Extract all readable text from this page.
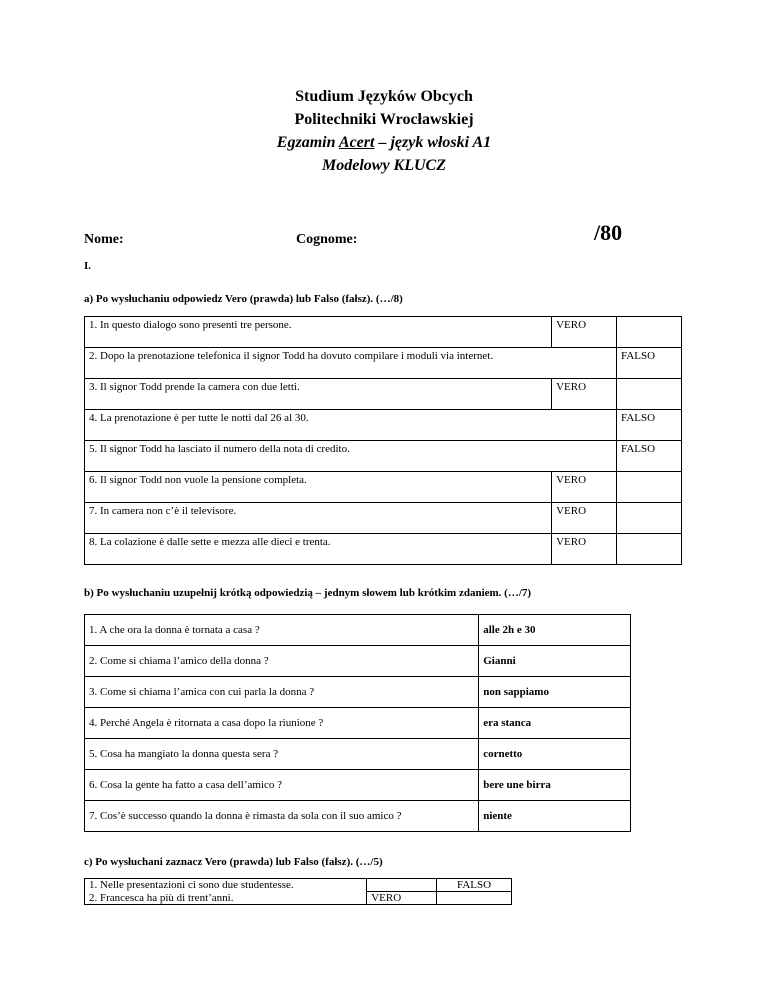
Studium Języków Obcych
Politechniki Wrocławskiej
Egzamin Acert – język włoski A1
Modelowy KLUCZ
Nome:	Cognome:	/80
I.
a) Po wysłuchaniu odpowiedz Vero (prawda) lub Falso (fałsz). (…/8)
1. In questo dialogo sono presenti tre persone.	VERO	
2. Dopo la prenotazione telefonica il signor Todd ha dovuto compilare i moduli via internet.		FALSO
3. Il signor Todd prende la camera con due letti.	VERO	
4. La prenotazione è per tutte le notti dal 26 al 30.		FALSO
5. Il signor Todd ha lasciato il numero della nota di credito.		FALSO
6. Il signor Todd non vuole la pensione completa.	VERO	
7. In camera non c’è il televisore.	VERO	
8. La colazione è dalle sette e mezza alle dieci e trenta.	VERO	
b) Po wysłuchaniu uzupełnij krótką odpowiedzią – jednym słowem lub krótkim zdaniem. (…/7)
1. A che ora la donna è tornata a casa ?	alle 2h e 30
2. Come si chiama l’amico della donna ?	Gianni
3. Come si chiama l’amica con cui parla la donna ?	non sappiamo
4. Perché Angela è ritornata a casa dopo la riunione ?	era stanca
5. Cosa ha mangiato la donna questa sera ?	cornetto
6. Cosa la gente ha fatto a casa dell’amico ?	bere une birra
7. Cos’è successo quando la donna è rimasta da sola con il suo amico ?	niente
c) Po wysłuchani zaznacz Vero (prawda) lub Falso (fałsz). (…/5)
1. Nelle presentazioni ci sono due studentesse.		FALSO
2. Francesca ha più di trent’anni.	VERO	
